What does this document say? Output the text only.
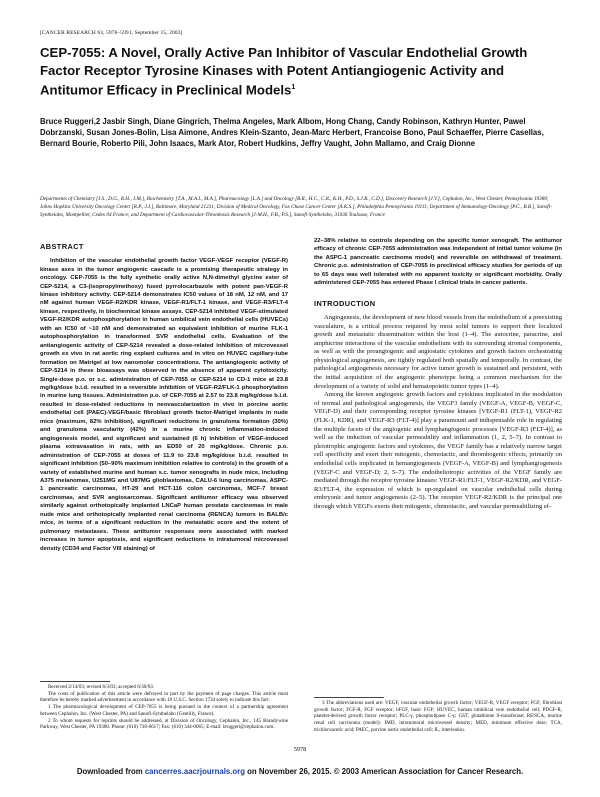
[CANCER RESEARCH 63, 5978–5991, September 15, 2003]
CEP-7055: A Novel, Orally Active Pan Inhibitor of Vascular Endothelial Growth Factor Receptor Tyrosine Kinases with Potent Antiangiogenic Activity and Antitumor Efficacy in Preclinical Models$^1$

Bruce Ruggeri,2 Jasbir Singh, Diane Gingrich, Thelma Angeles, Mark Albom, Hong Chang, Candy Robinson, Kathryn Hunter, Pawel Dobrzanski, Susan Jones-Bolin, Lisa Aimone, Andres Klein-Szanto, Jean-Marc Herbert, Francoise Bono, Paul Schaeffer, Pierre Casellas, Bernard Bourie, Roberto Pili, John Isaacs, Mark Ator, Robert Hudkins, Jeffry Vaught, John Mallamo, and Craig Dionne

Departments of Chemistry [J.S., D.G., R.H., J.M.], Biochemistry [T.A., M.A.I., M.A.], Pharmacology [L.A.] and Oncology [B.R., H.C., C.R., K.H., P.D., S.J.B., C.D.], Discovery Research [J.V.], Cephalon, Inc., West Chester, Pennsylvania 19380; Johns Hopkins University Oncology Center [R.P., J.I.], Baltimore, Maryland 21231; Division of Medical Oncology, Fox Chase Cancer Center [A.K.S.], Philadelphia Pennsylvania 19111; Department of Immunology-Oncology [P.C., B.B.], Sanofi-Synthelabo, Montpellier, Cedex 04 France; and Department of Cardiovascular-Thrombosis Research [J-M.H., F.B., P.S.], Sanofi-Synthelabo, 31036 Toulouse, France

ABSTRACT

Inhibition of the vascular endothelial growth factor VEGF-VEGF receptor (VEGF-R) kinase axes in the tumor angiogenic cascade is a promising therapeutic strategy in oncology. CEP-7055 is the fully synthetic orally active N,N-dimethyl glycine ester of CEP-5214, a C3-(isopropylmethoxy) fused pyrrolocarbazole with potent pan-VEGF-R kinase inhibitory activity. CEP-5214 demonstrates IC50 values of 18 nM, 12 nM, and 17 nM against human VEGF-R2/KDR kinase, VEGF-R1/FLT-1 kinase, and VEGF-R3/FLT-4 kinase, respectively, in biochemical kinase assays. CEP-5214 inhibited VEGF-stimulated VEGF-R2/KDR autophosphorylation in human umbilical vein endothelial cells (HUVECs) with an IC50 of ~10 nM and demonstrated an equivalent inhibition of murine FLK-1 autophosphorylation in transformed SVR endothelial cells. Evaluation of the antiangiogenic activity of CEP-5214 revealed a dose-related inhibition of microvessel growth ex vivo in rat aortic ring explant cultures and in vitro on HUVEC capillary-tube formation on Matrigel at low nanomolar concentrations. The antiangiogenic activity of CEP-5214 in these bioassays was observed in the absence of apparent cytotoxicity. Single-dose p.o. or s.c. administration of CEP-7055 or CEP-5214 to CD-1 mice at 23.8 mg/kg/dose b.i.d. resulted in a reversible inhibition of VEGF-R2/FLK-1 phosphorylation in murine lung tissues. Administration p.o. of CEP-7055 at 2.57 to 23.8 mg/kg/dose b.i.d. resulted in dose-related reductions in neovascularization in vivo in porcine aortic endothelial cell (PAEC)-VEGF/basic fibroblast growth factor-Matrigel implants in nude mice (maximum, 82% inhibition), significant reductions in granuloma formation (30%) and granuloma vascularity (42%) in a murine chronic inflammation-induced angiogenesis model, and significant and sustained (6 h) inhibition of VEGF-induced plasma extravasation in rats, with an ED50 of 20 mg/kg/dose. Chronic p.o. administration of CEP-7055 at doses of 11.9 to 23.8 mg/kg/dose b.i.d. resulted in significant inhibition (50–90% maximum inhibition relative to controls) in the growth of a variety of established murine and human s.c. tumor xenografts in nude mice, including A375 melanomas, U251MG and U87MG glioblastomas, CALU-6 lung carcinomas, ASPC-1 pancreatic carcinomas, HT-29 and HCT-116 colon carcinomas, MCF-7 breast carcinomas, and SVR angiosarcomas. Significant antitumor efficacy was observed similarly against orthotopically implanted LNCaP human prostate carcinomas in male nude mice and orthotopically implanted renal carcinoma (RENCA) tumors in BALB/c mice, in terms of a significant reduction in the metastatic score and the extent of pulmonary metastases. These antitumor responses were associated with marked increases in tumor apoptosis, and significant reductions in intratumoral microvessel density (CD34 and Factor VIII staining) of

22–38% relative to controls depending on the specific tumor xenograft. The antitumor efficacy of chronic CEP-7055 administration was independent of initial tumor volume (in the ASPC-1 pancreatic carcinoma model) and reversible on withdrawal of treatment. Chronic p.o. administration of CEP-7055 in preclinical efficacy studies for periods of up to 65 days was well tolerated with no apparent toxicity or significant morbidity. Orally administered CEP-7055 has entered Phase I clinical trials in cancer patients.

INTRODUCTION

Angiogenesis, the development of new blood vessels from the endothelium of a preexisting vasculature, is a critical process required by most solid tumors to support their localized growth and metastatic dissemination within the host (1–4). The autocrine, paracrine, and amphicrine interactions of the vascular endothelium with its surrounding stromal components, as well as with the proangiogenic and angiostatic cytokines and growth factors orchestrating physiological angiogenesis, are tightly regulated both spatially and temporally. In contrast, the pathological angiogenesis necessary for active tumor growth is sustained and persistent, with the initial acquisition of the angiogenic phenotype being a common mechanism for the development of a variety of solid and hematopoietic tumor types (1–4).

Among the known angiogenic growth factors and cytokines implicated in the modulation of normal and pathological angiogenesis, the VEGF3 family (VEGF-A, VEGF-B, VEGF-C, VEGF-D) and their corresponding receptor tyrosine kinases [VEGF-R1 (FLT-1), VEGF-R2 (FLK-1, KDR), and VEGF-R3 (FLT-4)] play a paramount and indispensable role in regulating the multiple facets of the angiogenic and lymphangiogenic processes [VEGF-R3 (FLT-4)], as well as the induction of vascular permeability and inflammation (1, 2, 5–7). In contrast to pleiotrophic angiogenic factors and cytokines, the VEGF family has a relatively narrow target cell specificity and exert their mitogenic, chemotactic, and thrombogenic effects, primarily on endothelial cells implicated in hemangiogenesis (VEGF-A, VEGF-B) and lymphangiogenesis (VEGF-C and VEGF-D; 2, 5–7). The endotheliotropic activities of the VEGF family are mediated through the receptor tyrosine kinases: VEGF-R1/FLT-1, VEGF-R2/KDR, and VEGF-R3/FLT-4, the expression of which is up-regulated on vascular endothelial cells during embryonic and tumor angiogenesis (2–5). The receptor VEGF-R2/KDR is the principal one through which VEGFs exerts their mitogenic, chemotactic, and vascular permeabilizing ef-

Received 2/14/03; revised 6/3/03; accepted 6/30/03.

The costs of publication of this article were defrayed in part by the payment of page charges. This article must therefore be hereby marked advertisement in accordance with 18 U.S.C. Section 1734 solely to indicate this fact.

1 The pharmacological development of CEP-7055 is being pursued in the context of a partnership agreement between Cephalon, Inc. (West Chester, PA) and Sanofi-Synthelabo (Gentilly, France).

2 To whom requests for reprints should be addressed, at Division of Oncology, Cephalon, Inc., 145 Brandywine Parkway, West Chester, PA 19380. Phone: (610) 738-6617; Fax: (610) 344-0065; E-mail: bruggeri@cephalon.com.

3 The abbreviations used are: VEGF, vascular endothelial growth factor; VEGF-R, VEGF receptor; FGF, fibroblast growth factor; FGF-R, FGF receptor; bFGF, basic FGF; HUVEC, human umbilical vein endothelial cell; PDGF-R, platelet-derived growth factor receptor; PLC-γ, phospholipase C-γ; GST, glutathione S-transferase; RENCA, murine renal cell carcinoma (model); IMD, intratumoral microvessel density; MED, minimum effective dose; TCA, trichloroacetic acid; PAEC, porcine aortic endothelial cell; IL, interleukin.

5978

Downloaded from cancerres.aacrjournals.org on November 26, 2015. © 2003 American Association for Cancer Research.
